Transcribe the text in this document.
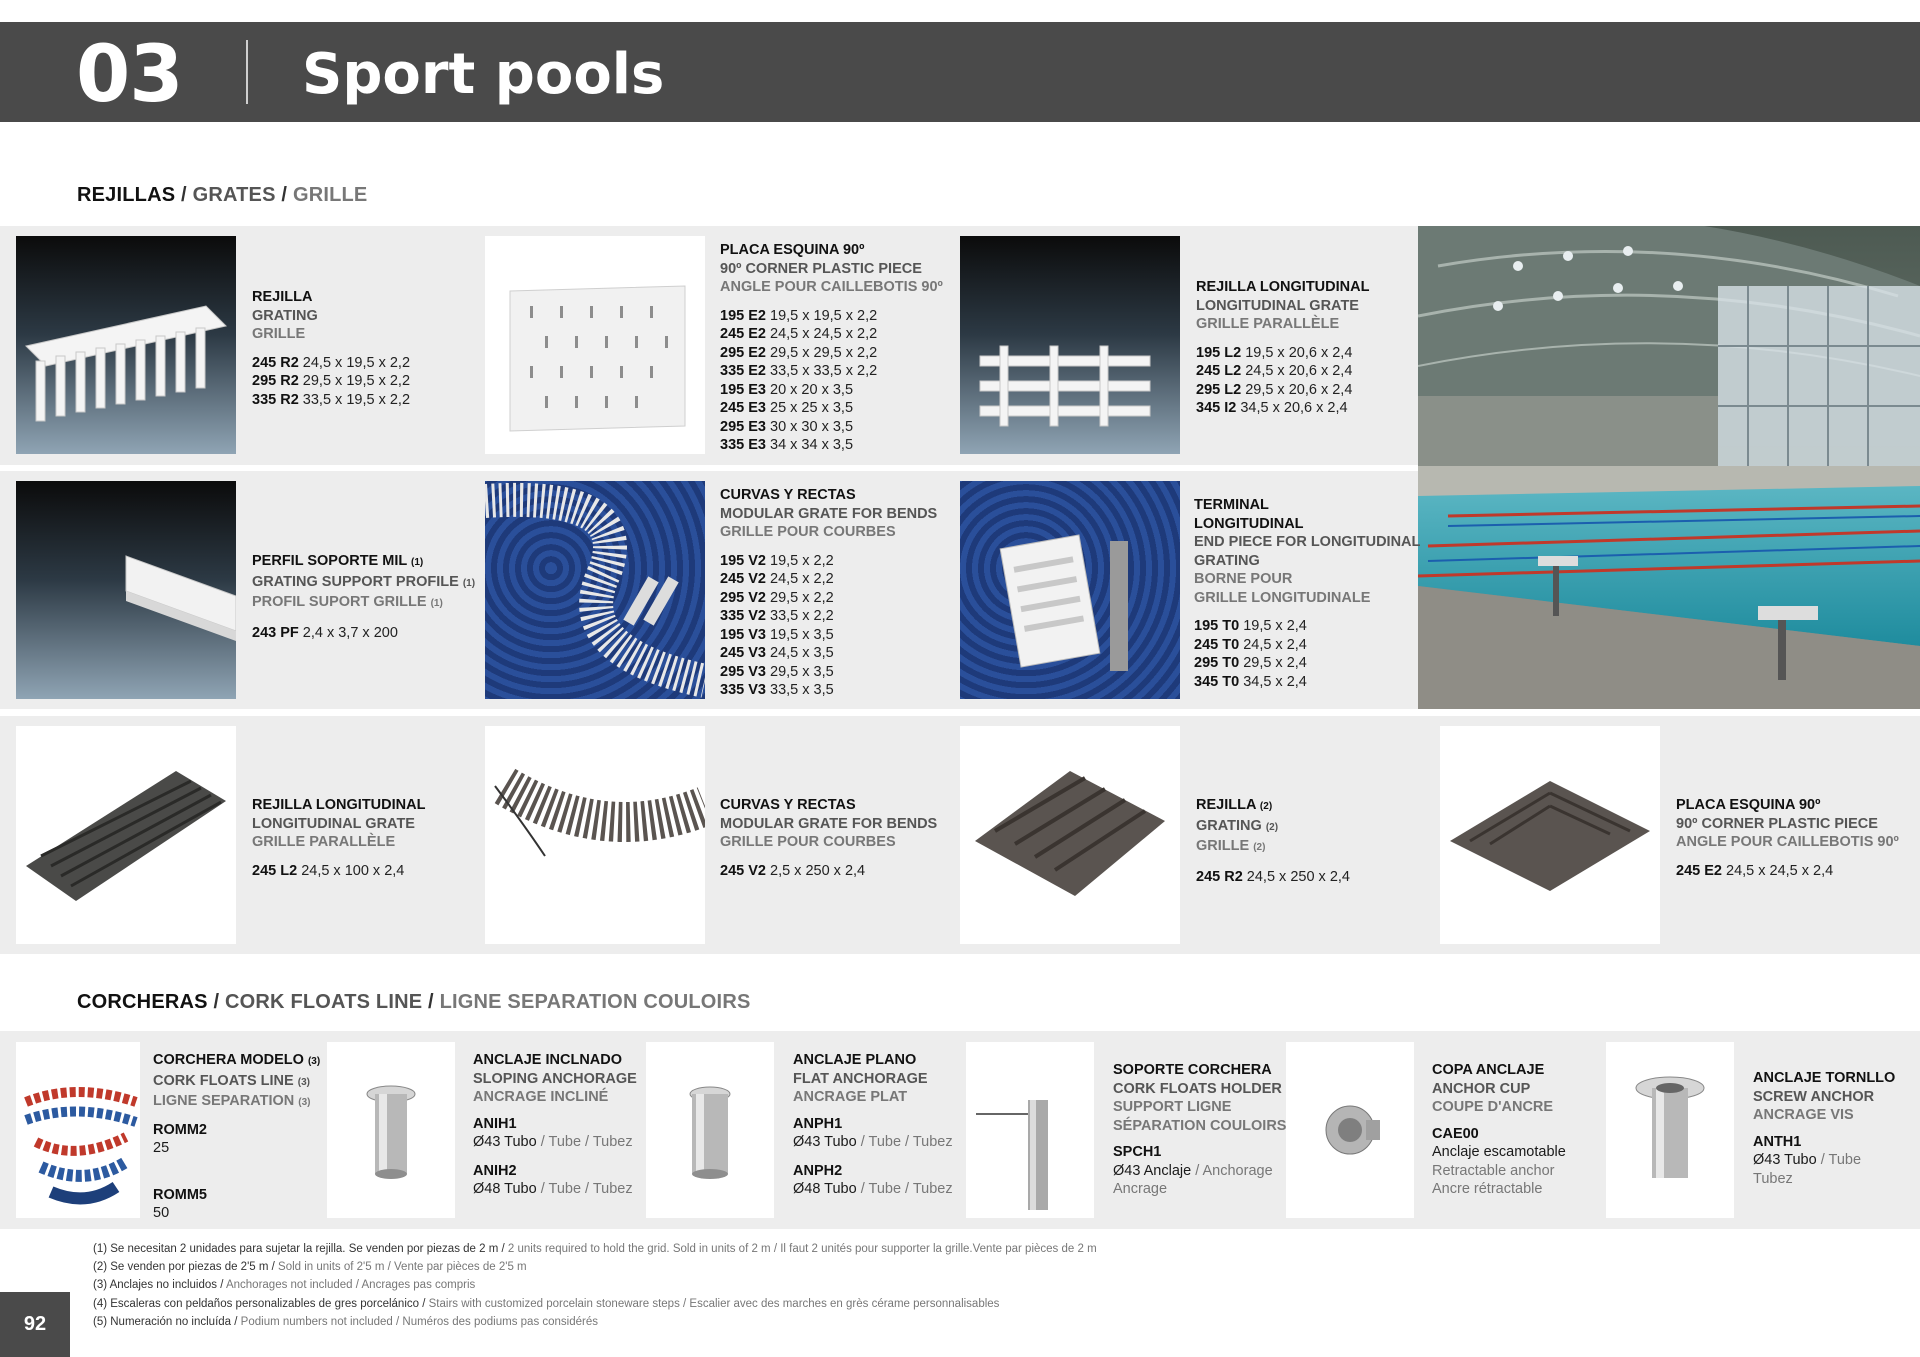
03 Sport pools
REJILLAS / GRATES / GRILLE
REJILLA
GRATING
GRILLE
245 R2 24,5 x 19,5 x 2,2
295 R2 29,5 x 19,5 x 2,2
335 R2 33,5 x 19,5 x 2,2
PLACA ESQUINA 90º
90º CORNER PLASTIC PIECE
ANGLE POUR CAILLEBOTIS 90º
195 E2 19,5 x 19,5 x 2,2
245 E2 24,5 x 24,5 x 2,2
295 E2 29,5 x 29,5 x 2,2
335 E2 33,5 x 33,5 x 2,2
195 E3 20 x 20 x 3,5
245 E3 25 x 25 x 3,5
295 E3 30 x 30 x 3,5
335 E3 34 x 34 x 3,5
REJILLA LONGITUDINAL
LONGITUDINAL GRATE
GRILLE PARALLÈLE
195 L2 19,5 x 20,6 x 2,4
245 L2 24,5 x 20,6 x 2,4
295 L2 29,5 x 20,6 x 2,4
345 I2 34,5 x 20,6 x 2,4
PERFIL SOPORTE MIL (1)
GRATING SUPPORT PROFILE (1)
PROFIL SUPORT GRILLE (1)
243 PF 2,4 x 3,7 x 200
CURVAS Y RECTAS
MODULAR GRATE FOR BENDS
GRILLE POUR COURBES
195 V2 19,5 x 2,2
245 V2 24,5 x 2,2
295 V2 29,5 x 2,2
335 V2 33,5 x 2,2
195 V3 19,5 x 3,5
245 V3 24,5 x 3,5
295 V3 29,5 x 3,5
335 V3 33,5 x 3,5
TERMINAL
LONGITUDINAL
END PIECE FOR LONGITUDINAL
GRATING
BORNE POUR
GRILLE LONGITUDINALE
195 T0 19,5 x 2,4
245 T0 24,5 x 2,4
295 T0 29,5 x 2,4
345 T0 34,5 x 2,4
REJILLA LONGITUDINAL
LONGITUDINAL GRATE
GRILLE PARALLÈLE
245 L2 24,5 x 100 x 2,4
CURVAS Y RECTAS
MODULAR GRATE FOR BENDS
GRILLE POUR COURBES
245 V2 2,5 x 250 x 2,4
REJILLA (2)
GRATING (2)
GRILLE (2)
245 R2 24,5 x 250 x 2,4
PLACA ESQUINA 90º
90º CORNER PLASTIC PIECE
ANGLE POUR CAILLEBOTIS 90º
245 E2 24,5 x 24,5 x 2,4
CORCHERAS / CORK FLOATS LINE / LIGNE SEPARATION COULOIRS
CORCHERA MODELO (3)
CORK FLOATS LINE (3)
LIGNE SEPARATION (3)
ROMM2
25
ROMM5
50
ANCLAJE INCLNADO
SLOPING ANCHORAGE
ANCRAGE INCLINÉ
ANIH1
Ø43 Tubo / Tube / Tubez
ANIH2
Ø48 Tubo / Tube / Tubez
ANCLAJE PLANO
FLAT ANCHORAGE
ANCRAGE PLAT
ANPH1
Ø43 Tubo / Tube / Tubez
ANPH2
Ø48 Tubo / Tube / Tubez
SOPORTE CORCHERA
CORK FLOATS HOLDER
SUPPORT LIGNE
SÉPARATION COULOIRS
SPCH1
Ø43 Anclaje / Anchorage
Ancrage
COPA ANCLAJE
ANCHOR CUP
COUPE D'ANCRE
CAE00
Anclaje escamotable
Retractable anchor
Ancre rétractable
ANCLAJE TORNLLO
SCREW ANCHOR
ANCRAGE VIS
ANTH1
Ø43 Tubo / Tube
Tubez
(1) Se necesitan 2 unidades para sujetar la rejilla. Se venden por piezas de 2 m / 2 units required to hold the grid. Sold in units of 2 m / Il faut 2 unités pour supporter la grille.Vente par pièces de 2 m
(2) Se venden por piezas de 2'5 m / Sold in units of 2'5 m / Vente par pièces de 2'5 m
(3) Anclajes no incluidos / Anchorages not included / Ancrages pas compris
(4) Escaleras con peldaños personalizables de gres porcelánico / Stairs with customized porcelain stoneware steps / Escalier avec des marches en grès cérame personnalisables
(5) Numeración no incluída / Podium numbers not included / Numéros des podiums pas considérés
92
